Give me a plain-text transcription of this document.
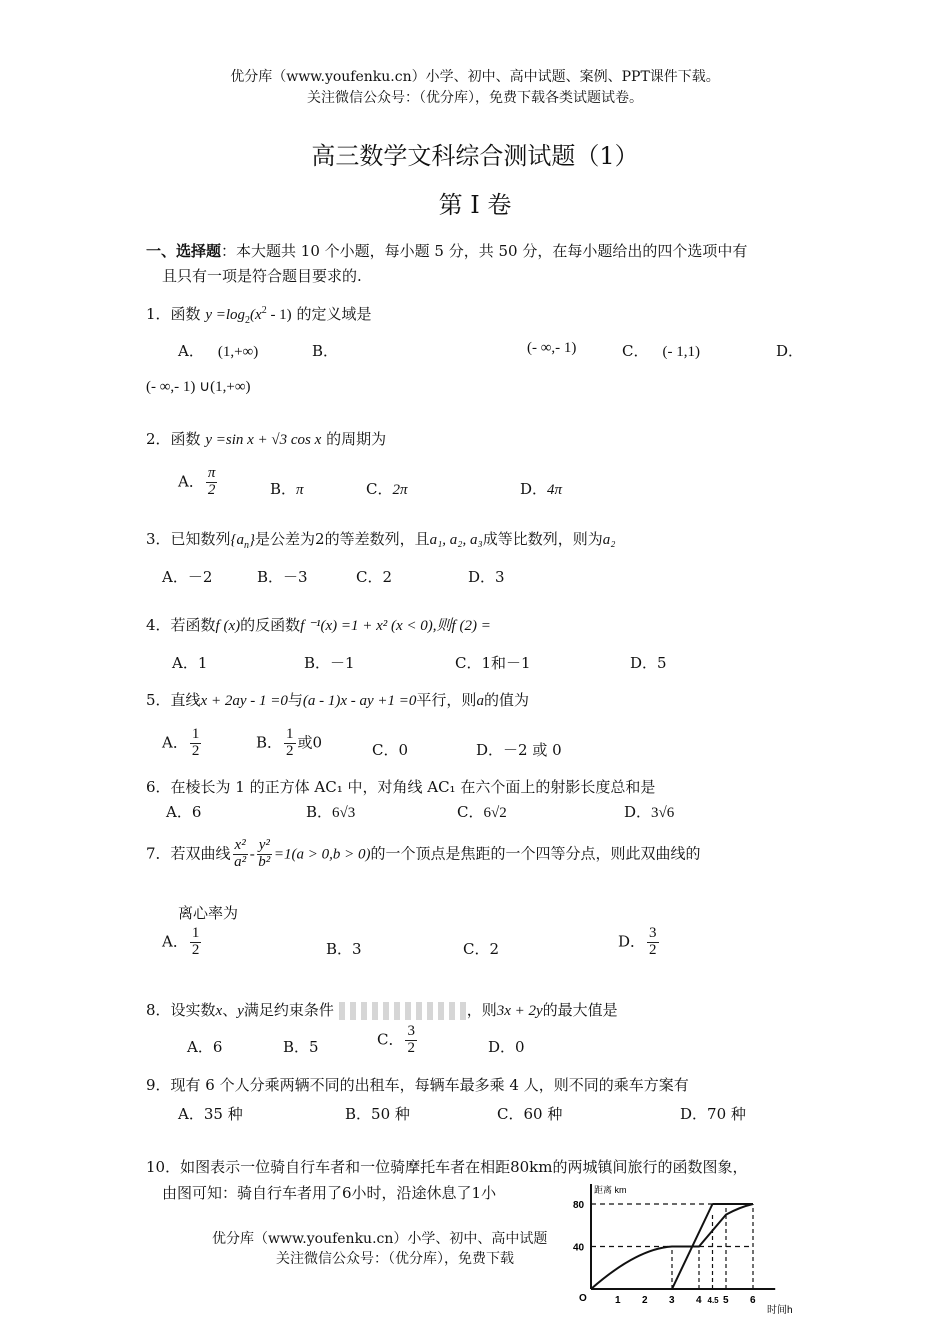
优分库（www.youfenku.cn）小学、初中、高中试题、案例、PPT课件下载。
关注微信公众号：（优分库），免费下载各类试题试卷。
高三数学文科综合测试题（1）
第 I 卷
一、选择题：本大题共 10 个小题，每小题 5 分，共 50 分，在每小题给出的四个选项中有
且只有一项是符合题目要求的.
1．函数 $y =\log_2(x^2 - 1)$ 的定义域是
A． (1,+∞)	B．	(- ∞,- 1)	C． (- 1,1)	D．
(- ∞,- 1) ∪(1,+∞)
2．函数 y =sin x + √3 cos x 的周期为
A． $\frac{\pi}{2}$	B．π	C．2π	D．4π
3．已知数列$\{a_n\}$是公差为2的等差数列，且a₁, a₂, a₃成等比数列，则为a₂
A．－2	B．－3	C．2	D．3
4．若函数f (x)的反函数f ⁻¹(x) =1 + x² (x < 0),则f (2) =
A．1	B．－1	C．1和－1	D．5
5．直线x + 2ay - 1 =0与(a - 1)x - ay +1 =0平行，则a的值为
A． $\frac{1}{2}$	B． $\frac{1}{2}$ 或0	C．0	D．－2 或 0
6．在棱长为 1 的正方体 AC₁ 中，对角线 AC₁ 在六个面上的射影长度总和是
A．6	B．6√3	C．6√2	D．3√6
7．若双曲线 $\frac{\text{x²}}{\text{a²}} - \frac{\text{y²}}{\text{b²}} =1(a > 0,b > 0)$的一个顶点是焦距的一个四等分点，则此双曲线的
离心率为
A． $\frac{1}{2}$	B．3	C．2	D． $\frac{3}{2}$
8．设实数x、y满足约束条件	，则3x + 2y的最大值是
A．6	B．5	C． $\frac{3}{2}$	D．0
9．现有 6 个人分乘两辆不同的出租车，每辆车最多乘 4 人，则不同的乘车方案有
A．35 种	B．50 种	C．60 种	D．70 种
10．如图表示一位骑自行车者和一位骑摩托车者在相距80km的两城镇间旅行的函数图象，
由图可知：骑自行车者用了6小时，沿途休息了1小
优分库（www.youfenku.cn）小学、初中、高中试题
关注微信公众号：（优分库），免费下载
距离 km
时间h
O
40
80
1 2 3 4 4.5 5 6
